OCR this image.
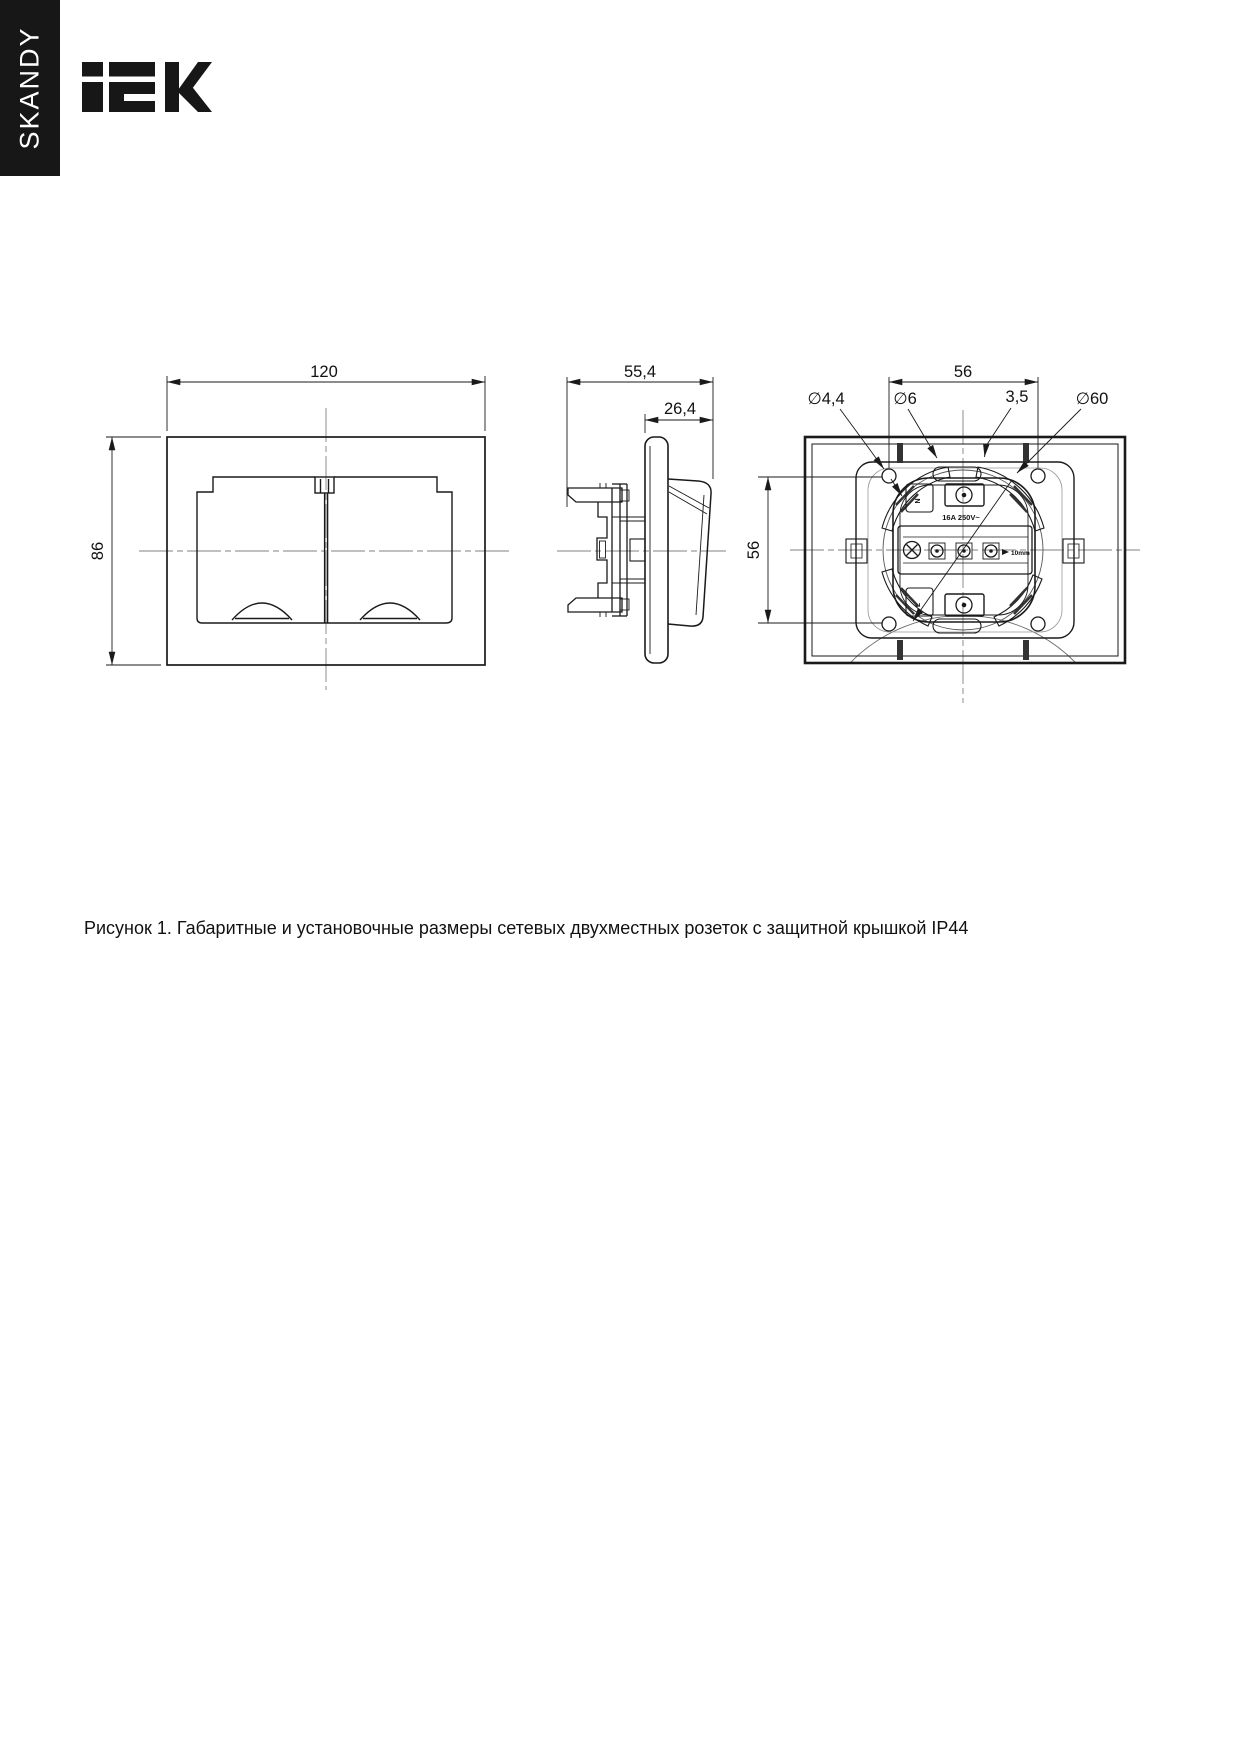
SKANDY
120
86
55,4
26,4
N
L
16A 250V~
10mm
56
56
∅4,4	∅6	3,5	∅60
Рисунок 1. Габаритные и установочные размеры сетевых двухместных розеток с защитной крышкой IP44
